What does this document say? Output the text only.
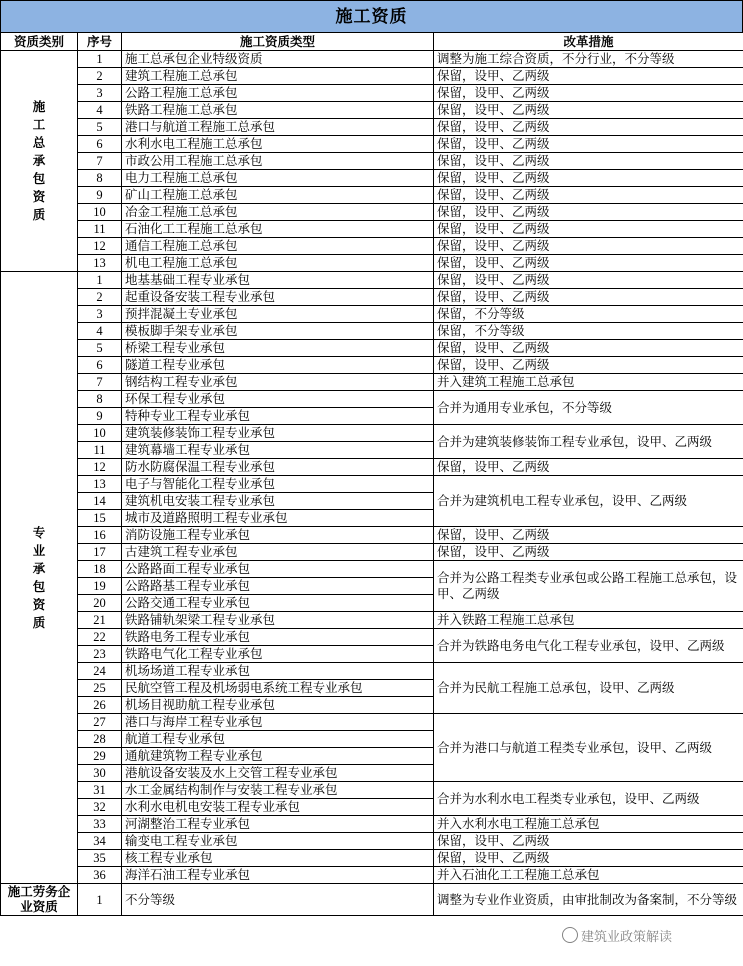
施工资质
资质类别	序号	施工资质类型	改革措施
施工总承包资质	1	施工总承包企业特级资质	调整为施工综合资质，不分行业，不分等级
	2	建筑工程施工总承包	保留，设甲、乙两级
	3	公路工程施工总承包	保留，设甲、乙两级
	4	铁路工程施工总承包	保留，设甲、乙两级
	5	港口与航道工程施工总承包	保留，设甲、乙两级
	6	水利水电工程施工总承包	保留，设甲、乙两级
	7	市政公用工程施工总承包	保留，设甲、乙两级
	8	电力工程施工总承包	保留，设甲、乙两级
	9	矿山工程施工总承包	保留，设甲、乙两级
	10	冶金工程施工总承包	保留，设甲、乙两级
	11	石油化工工程施工总承包	保留，设甲、乙两级
	12	通信工程施工总承包	保留，设甲、乙两级
	13	机电工程施工总承包	保留，设甲、乙两级
专业承包资质	1	地基基础工程专业承包	保留，设甲、乙两级
	2	起重设备安装工程专业承包	保留，设甲、乙两级
	3	预拌混凝土专业承包	保留，不分等级
	4	模板脚手架专业承包	保留，不分等级
	5	桥梁工程专业承包	保留，设甲、乙两级
	6	隧道工程专业承包	保留，设甲、乙两级
	7	钢结构工程专业承包	并入建筑工程施工总承包
	8	环保工程专业承包	合并为通用专业承包，不分等级
	9	特种专业工程专业承包	
	10	建筑装修装饰工程专业承包	合并为建筑装修装饰工程专业承包，设甲、乙两级
	11	建筑幕墙工程专业承包	
	12	防水防腐保温工程专业承包	保留，设甲、乙两级
	13	电子与智能化工程专业承包	合并为建筑机电工程专业承包，设甲、乙两级
	14	建筑机电安装工程专业承包	
	15	城市及道路照明工程专业承包	
	16	消防设施工程专业承包	保留，设甲、乙两级
	17	古建筑工程专业承包	保留，设甲、乙两级
	18	公路路面工程专业承包	合并为公路工程类专业承包或公路工程施工总承包，设甲、乙两级
	19	公路路基工程专业承包	
	20	公路交通工程专业承包	
	21	铁路铺轨架梁工程专业承包	并入铁路工程施工总承包
	22	铁路电务工程专业承包	合并为铁路电务电气化工程专业承包，设甲、乙两级
	23	铁路电气化工程专业承包	
	24	机场场道工程专业承包	合并为民航工程施工总承包，设甲、乙两级
	25	民航空管工程及机场弱电系统工程专业承包	
	26	机场目视助航工程专业承包	
	27	港口与海岸工程专业承包	合并为港口与航道工程类专业承包，设甲、乙两级
	28	航道工程专业承包	
	29	通航建筑物工程专业承包	
	30	港航设备安装及水上交管工程专业承包	
	31	水工金属结构制作与安装工程专业承包	合并为水利水电工程类专业承包，设甲、乙两级
	32	水利水电机电安装工程专业承包	
	33	河湖整治工程专业承包	并入水利水电工程施工总承包
	34	输变电工程专业承包	保留，设甲、乙两级
	35	核工程专业承包	保留，设甲、乙两级
	36	海洋石油工程专业承包	并入石油化工工程施工总承包
施工劳务企业资质	1	不分等级	调整为专业作业资质，由审批制改为备案制，不分等级
建筑业政策解读
